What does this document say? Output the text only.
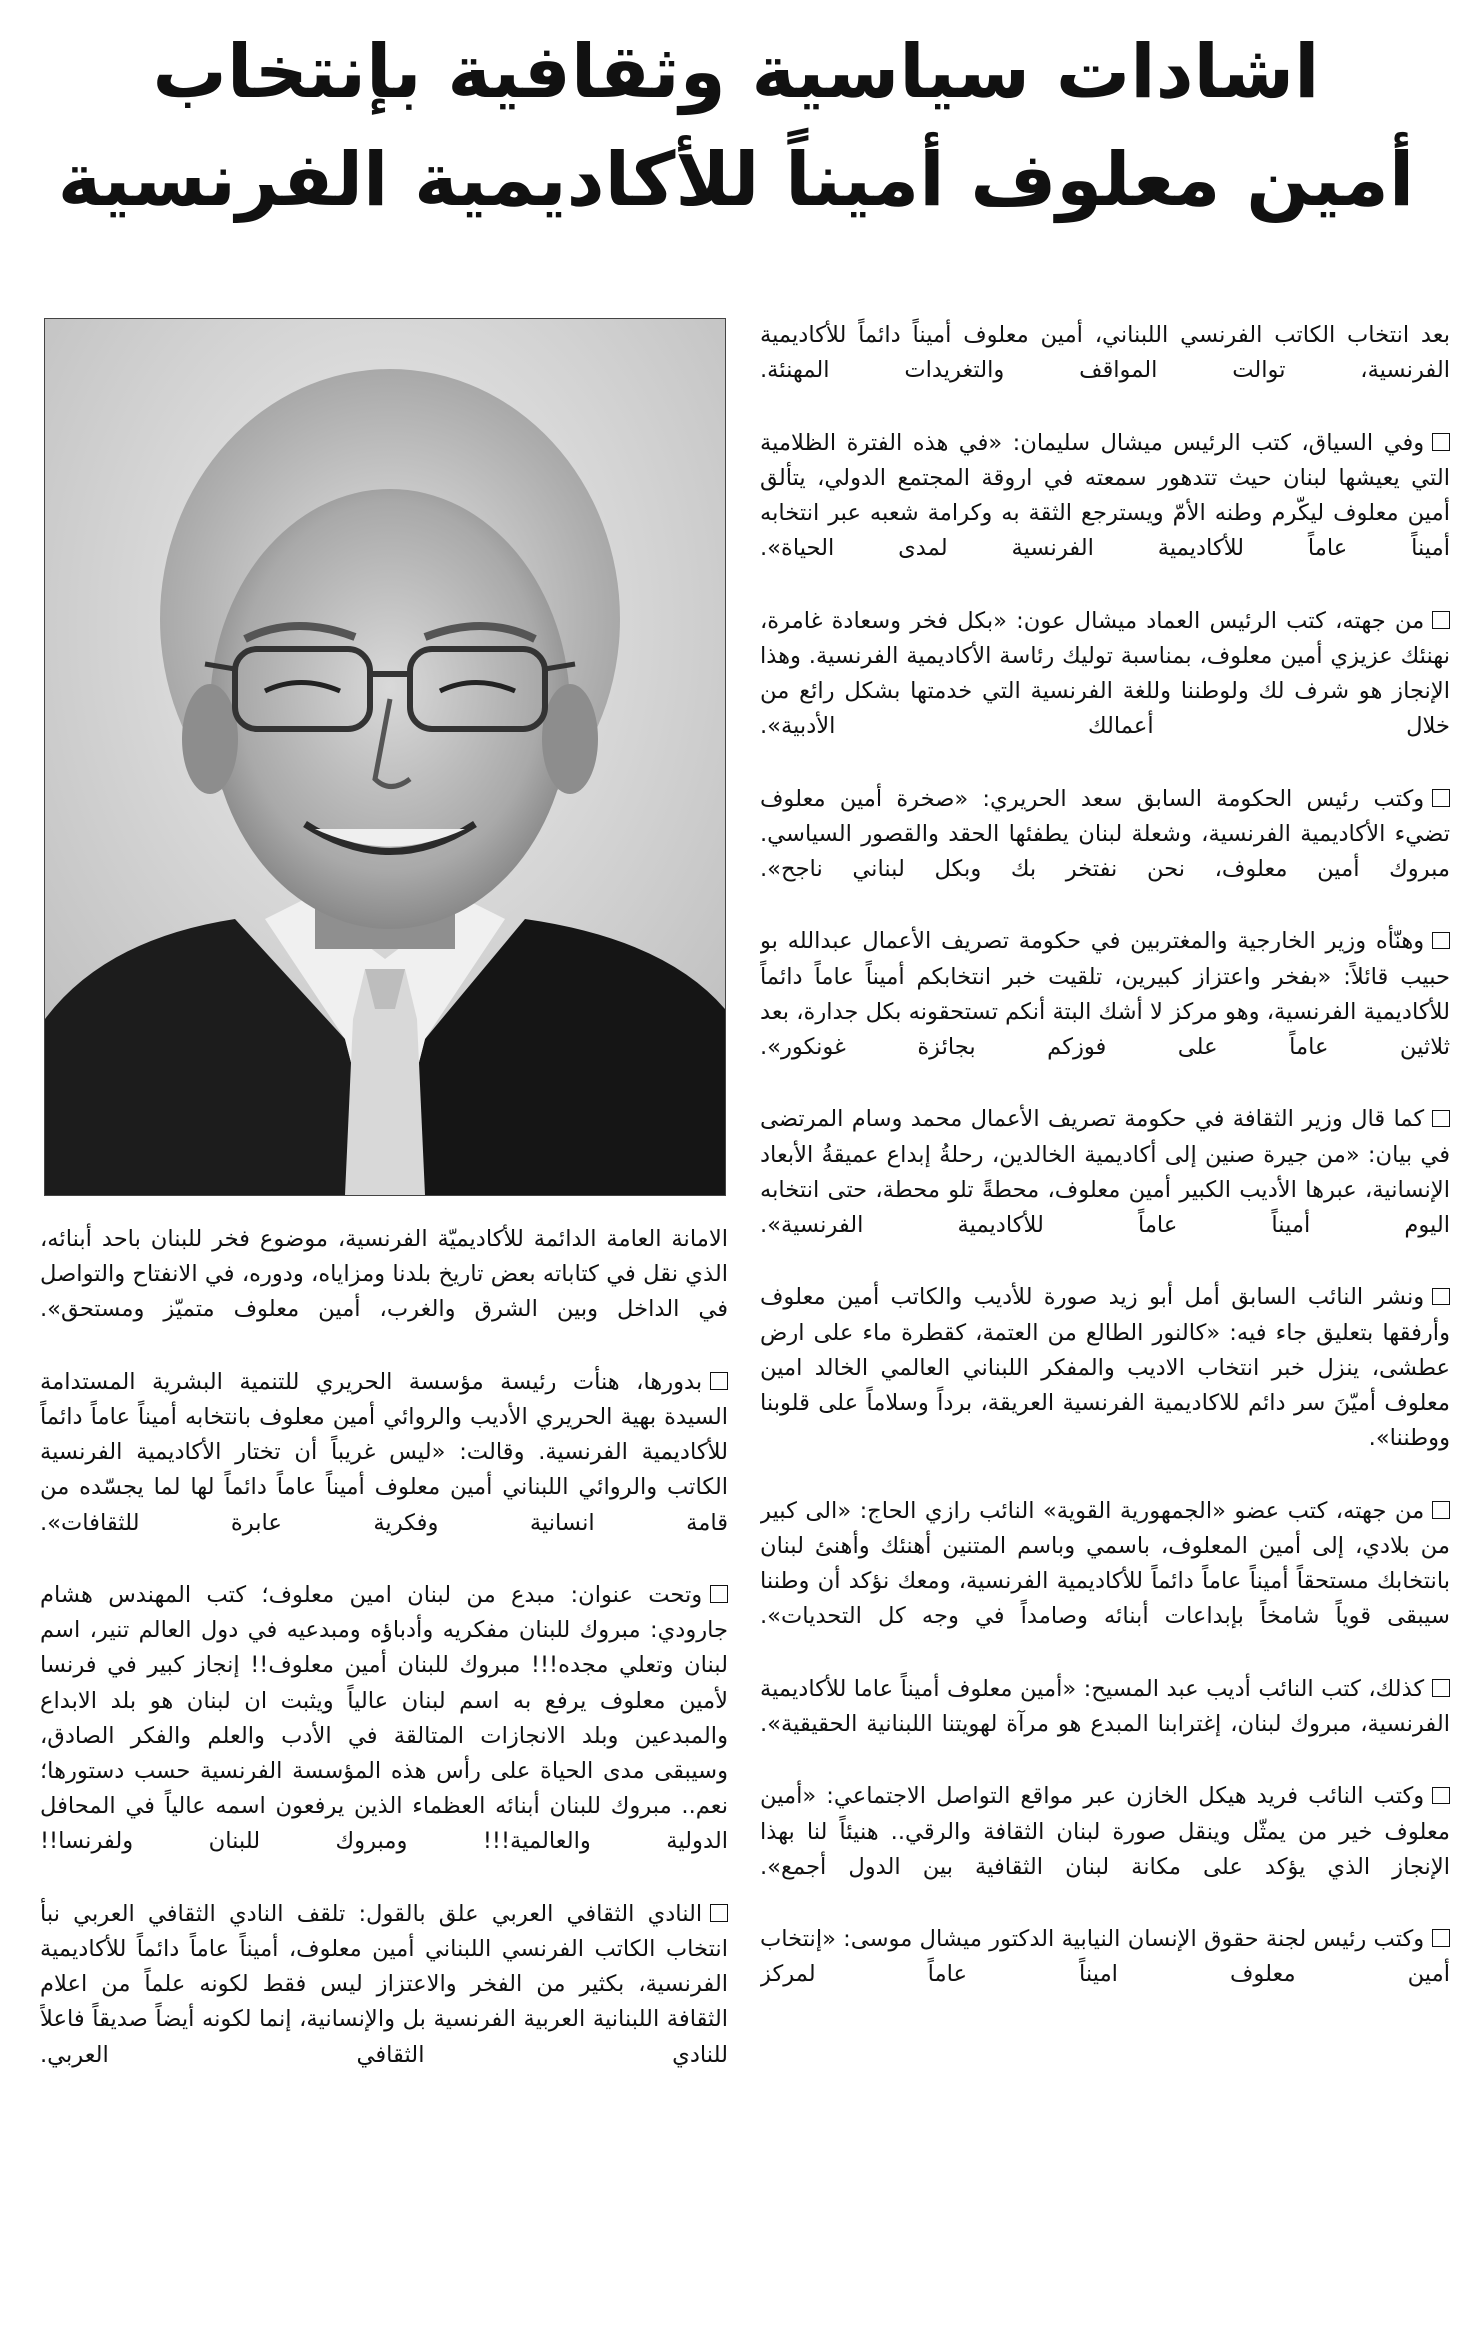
اشادات سياسية وثقافية بإنتخاب
أمين معلوف أميناً للأكاديمية الفرنسية

بعد انتخاب الكاتب الفرنسي اللبناني، أمين معلوف أميناً دائماً للأكاديمية الفرنسية، توالت المواقف والتغريدات المهنئة.

وفي السياق، كتب الرئيس ميشال سليمان: «في هذه الفترة الظلامية التي يعيشها لبنان حيث تتدهور سمعته في اروقة المجتمع الدولي، يتألق أمين معلوف ليكّرم وطنه الأمّ ويسترجع الثقة به وكرامة شعبه عبر انتخابه أميناً عاماً للأكاديمية الفرنسية لمدى الحياة».

من جهته، كتب الرئيس العماد ميشال عون: «بكل فخر وسعادة غامرة، نهنئك عزيزي أمين معلوف، بمناسبة توليك رئاسة الأكاديمية الفرنسية. وهذا الإنجاز هو شرف لك ولوطننا وللغة الفرنسية التي خدمتها بشكل رائع من خلال أعمالك الأدبية».

وكتب رئيس الحكومة السابق سعد الحريري: «صخرة أمين معلوف تضيء الأكاديمية الفرنسية، وشعلة لبنان يطفئها الحقد والقصور السياسي. مبروك أمين معلوف، نحن نفتخر بك وبكل لبناني ناجح».

وهنّأه وزير الخارجية والمغتربين في حكومة تصريف الأعمال عبدالله بو حبيب قائلاً: «بفخر واعتزاز كبيرين، تلقيت خبر انتخابكم أميناً عاماً دائماً للأكاديمية الفرنسية، وهو مركز لا أشك البتة أنكم تستحقونه بكل جدارة، بعد ثلاثين عاماً على فوزكم بجائزة غونكور».

كما قال وزير الثقافة في حكومة تصريف الأعمال محمد وسام المرتضى في بيان: «من جيرة صنين إلى أكاديمية الخالدين، رحلةُ إبداع عميقةُ الأبعاد الإنسانية، عبرها الأديب الكبير أمين معلوف، محطةً تلو محطة، حتى انتخابه اليوم أميناً عاماً للأكاديمية الفرنسية».

ونشر النائب السابق أمل أبو زيد صورة للأديب والكاتب أمين معلوف وأرفقها بتعليق جاء فيه: «كالنور الطالع من العتمة، كقطرة ماء على ارض عطشى، ينزل خبر انتخاب الاديب والمفكر اللبناني العالمي الخالد امين معلوف أميّنَ سر دائم للاكاديمية الفرنسية العريقة، برداً وسلاماً على قلوبنا ووطننا».

من جهته، كتب عضو «الجمهورية القوية» النائب رازي الحاج: «الى كبير من بلادي، إلى أمين المعلوف، باسمي وباسم المتنين أهنئك وأهنئ لبنان بانتخابك مستحقاً أميناً عاماً دائماً للأكاديمية الفرنسية، ومعك نؤكد أن وطننا سيبقى قوياً شامخاً بإبداعات أبنائه وصامداً في وجه كل التحديات».

كذلك، كتب النائب أديب عبد المسيح: «أمين معلوف أميناً عاما للأكاديمية الفرنسية، مبروك لبنان، إغترابنا المبدع هو مرآة لهويتنا اللبنانية الحقيقية».

وكتب النائب فريد هيكل الخازن عبر مواقع التواصل الاجتماعي: «أمين معلوف خير من يمثّل وينقل صورة لبنان الثقافة والرقي.. هنيئاً لنا بهذا الإنجاز الذي يؤكد على مكانة لبنان الثقافية بين الدول أجمع».

وكتب رئيس لجنة حقوق الإنسان النيابية الدكتور ميشال موسى: «إنتخاب أمين معلوف اميناً عاماً لمركز

الامانة العامة الدائمة للأكاديميّة الفرنسية، موضوع فخر للبنان باحد أبنائه، الذي نقل في كتاباته بعض تاريخ بلدنا ومزاياه، ودوره، في الانفتاح والتواصل في الداخل وبين الشرق والغرب، أمين معلوف متميّز ومستحق».

بدورها، هنأت رئيسة مؤسسة الحريري للتنمية البشرية المستدامة السيدة بهية الحريري الأديب والروائي أمين معلوف بانتخابه أميناً عاماً دائماً للأكاديمية الفرنسية. وقالت: «ليس غريباً أن تختار الأكاديمية الفرنسية الكاتب والروائي اللبناني أمين معلوف أميناً عاماً دائماً لها لما يجسّده من قامة انسانية وفكرية عابرة للثقافات».

وتحت عنوان: مبدع من لبنان امين معلوف؛ كتب المهندس هشام جارودي: مبروك للبنان مفكريه وأدباؤه ومبدعيه في دول العالم تنير، اسم لبنان وتعلي مجده!!! مبروك للبنان أمين معلوف!! إنجاز كبير في فرنسا لأمين معلوف يرفع به اسم لبنان عالياً ويثبت ان لبنان هو بلد الابداع والمبدعين وبلد الانجازات المتالقة في الأدب والعلم والفكر الصادق، وسيبقى مدى الحياة على رأس هذه المؤسسة الفرنسية حسب دستورها؛ نعم.. مبروك للبنان أبنائه العظماء الذين يرفعون اسمه عالياً في المحافل الدولية والعالمية!!! ومبروك للبنان ولفرنسا!!

النادي الثقافي العربي علق بالقول: تلقف النادي الثقافي العربي نبأ انتخاب الكاتب الفرنسي اللبناني أمين معلوف، أميناً عاماً دائماً للأكاديمية الفرنسية، بكثير من الفخر والاعتزاز ليس فقط لكونه علماً من اعلام الثقافة اللبنانية العربية الفرنسية بل والإنسانية، إنما لكونه أيضاً صديقاً فاعلاً للنادي الثقافي العربي.
